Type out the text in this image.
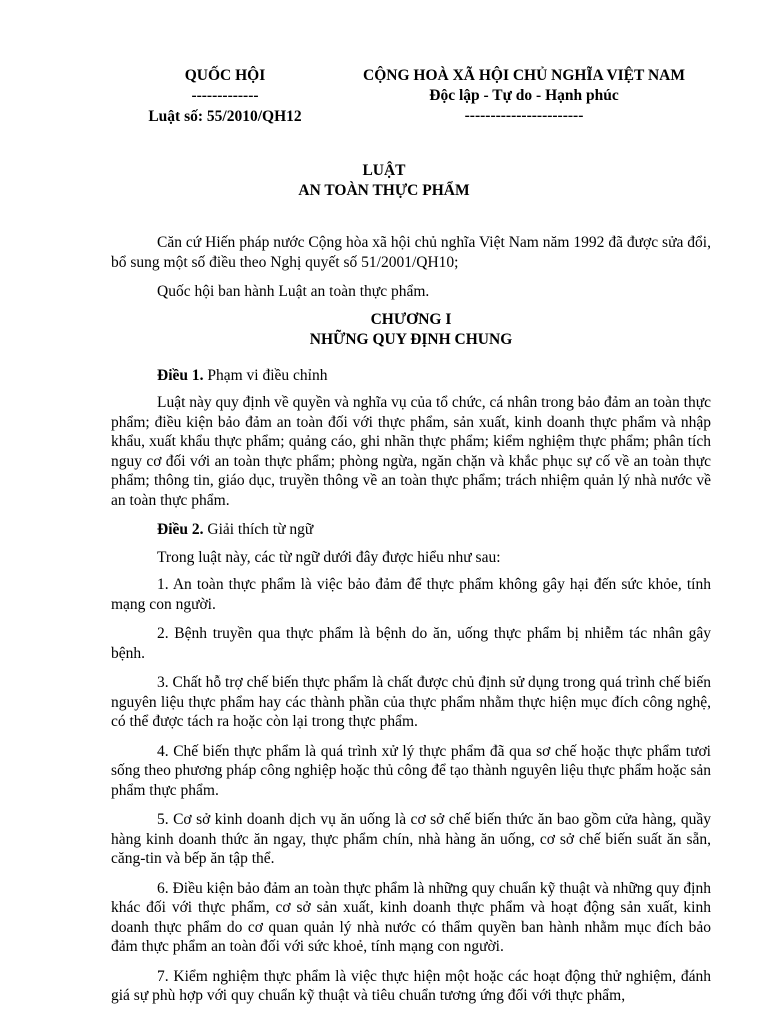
QUỐC HỘI
-------------
Luật số: 55/2010/QH12
CỘNG HOÀ XÃ HỘI CHỦ NGHĨA VIỆT NAM
Độc lập - Tự do - Hạnh phúc
-----------------------
LUẬT
AN TOÀN THỰC PHẨM

Căn cứ Hiến pháp nước Cộng hòa xã hội chủ nghĩa Việt Nam năm 1992 đã được sửa đổi, bổ sung một số điều theo Nghị quyết số 51/2001/QH10;

Quốc hội ban hành Luật an toàn thực phẩm.

CHƯƠNG I
NHỮNG QUY ĐỊNH CHUNG

Điều 1. Phạm vi điều chỉnh

Luật này quy định về quyền và nghĩa vụ của tổ chức, cá nhân trong bảo đảm an toàn thực phẩm; điều kiện bảo đảm an toàn đối với thực phẩm, sản xuất, kinh doanh thực phẩm và nhập khẩu, xuất khẩu thực phẩm; quảng cáo, ghi nhãn thực phẩm; kiểm nghiệm thực phẩm; phân tích nguy cơ đối với an toàn thực phẩm; phòng ngừa, ngăn chặn và khắc phục sự cố về an toàn thực phẩm; thông tin, giáo dục, truyền thông về an toàn thực phẩm; trách nhiệm quản lý nhà nước về an toàn thực phẩm.

Điều 2. Giải thích từ ngữ

Trong luật này, các từ ngữ dưới đây được hiểu như sau:

1. An toàn thực phẩm là việc bảo đảm để thực phẩm không gây hại đến sức khỏe, tính mạng con người.

2. Bệnh truyền qua thực phẩm là bệnh do ăn, uống thực phẩm bị nhiễm tác nhân gây bệnh.

3. Chất hỗ trợ chế biến thực phẩm là chất được chủ định sử dụng trong quá trình chế biến nguyên liệu thực phẩm hay các thành phần của thực phẩm nhằm thực hiện mục đích công nghệ, có thể được tách ra hoặc còn lại trong thực phẩm.

4. Chế biến thực phẩm là quá trình xử lý thực phẩm đã qua sơ chế hoặc thực phẩm tươi sống theo phương pháp công nghiệp hoặc thủ công để tạo thành nguyên liệu thực phẩm hoặc sản phẩm thực phẩm.

5. Cơ sở kinh doanh dịch vụ ăn uống là cơ sở chế biến thức ăn bao gồm cửa hàng, quầy hàng kinh doanh thức ăn ngay, thực phẩm chín, nhà hàng ăn uống, cơ sở chế biến suất ăn sẵn, căng-tin và bếp ăn tập thể.

6. Điều kiện bảo đảm an toàn thực phẩm là những quy chuẩn kỹ thuật và những quy định khác đối với thực phẩm, cơ sở sản xuất, kinh doanh thực phẩm và hoạt động sản xuất, kinh doanh thực phẩm do cơ quan quản lý nhà nước có thẩm quyền ban hành nhằm mục đích bảo đảm thực phẩm an toàn đối với sức khoẻ, tính mạng con người.

7. Kiểm nghiệm thực phẩm là việc thực hiện một hoặc các hoạt động thử nghiệm, đánh giá sự phù hợp với quy chuẩn kỹ thuật và tiêu chuẩn tương ứng đối với thực phẩm,
